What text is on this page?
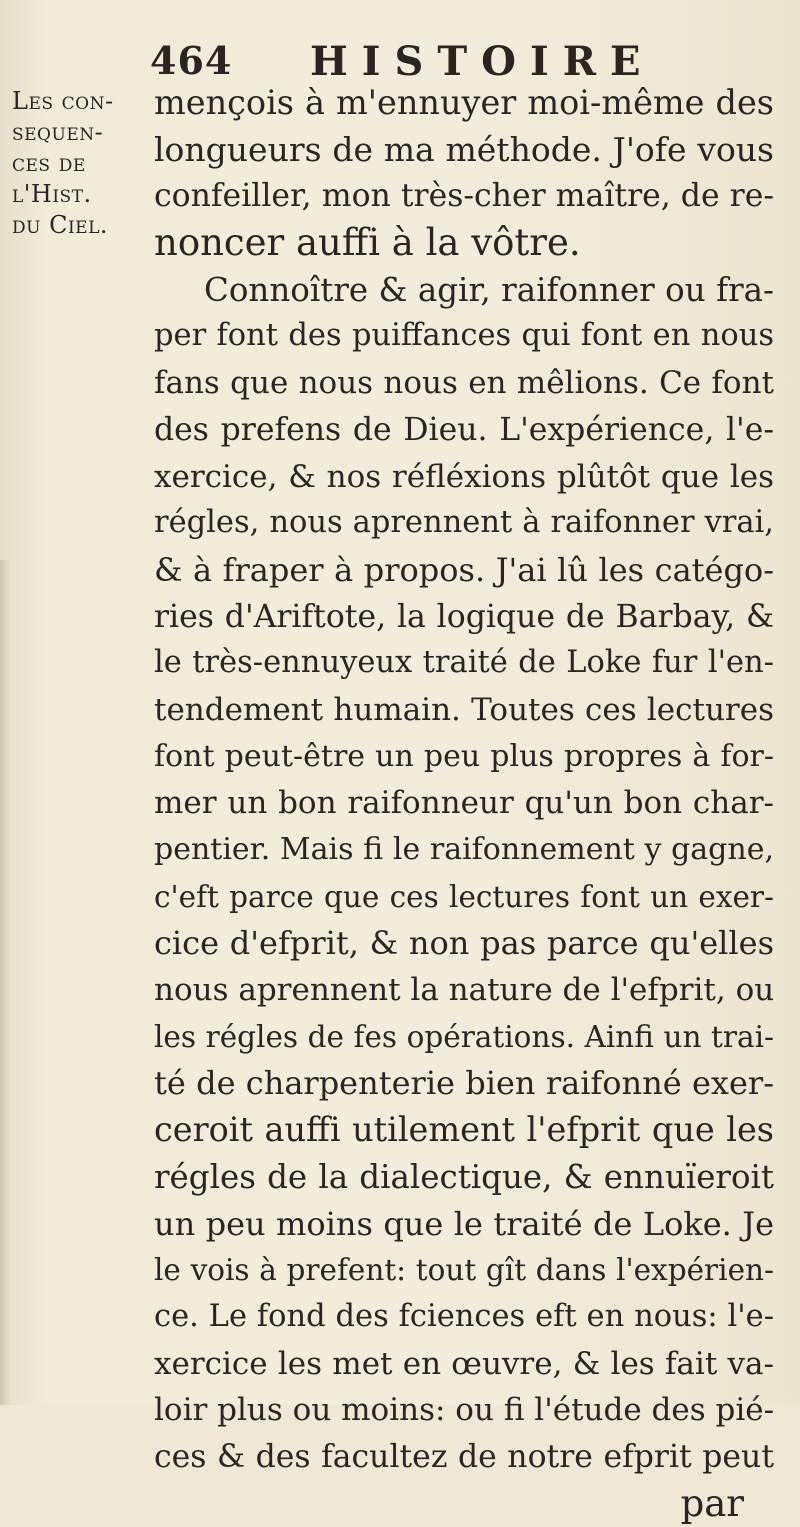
464 HISTOIRE
Les con-
sequen-
ces de
l'Hist.
du Ciel.
mençois à m'ennuyer moi-même des
longueurs de ma méthode. J'ofe vous
confeiller, mon très-cher maître, de re-
noncer auffi à la vôtre.
Connoître & agir, raifonner ou fra-
per font des puiffances qui font en nous
fans que nous nous en mêlions. Ce font
des prefens de Dieu. L'expérience, l'e-
xercice, & nos réfléxions plûtôt que les
régles, nous aprennent à raifonner vrai,
& à fraper à propos. J'ai lû les catégo-
ries d'Ariftote, la logique de Barbay, &
le très-ennuyeux traité de Loke fur l'en-
tendement humain. Toutes ces lectures
font peut-être un peu plus propres à for-
mer un bon raifonneur qu'un bon char-
pentier. Mais fi le raifonnement y gagne,
c'eft parce que ces lectures font un exer-
cice d'efprit, & non pas parce qu'elles
nous aprennent la nature de l'efprit, ou
les régles de fes opérations. Ainfi un trai-
té de charpenterie bien raifonné exer-
ceroit auffi utilement l'efprit que les
régles de la dialectique, & ennuïeroit
un peu moins que le traité de Loke. Je
le vois à prefent: tout gît dans l'expérien-
ce. Le fond des fciences eft en nous: l'e-
xercice les met en œuvre, & les fait va-
loir plus ou moins: ou fi l'étude des pié-
ces & des facultez de notre efprit peut
par
